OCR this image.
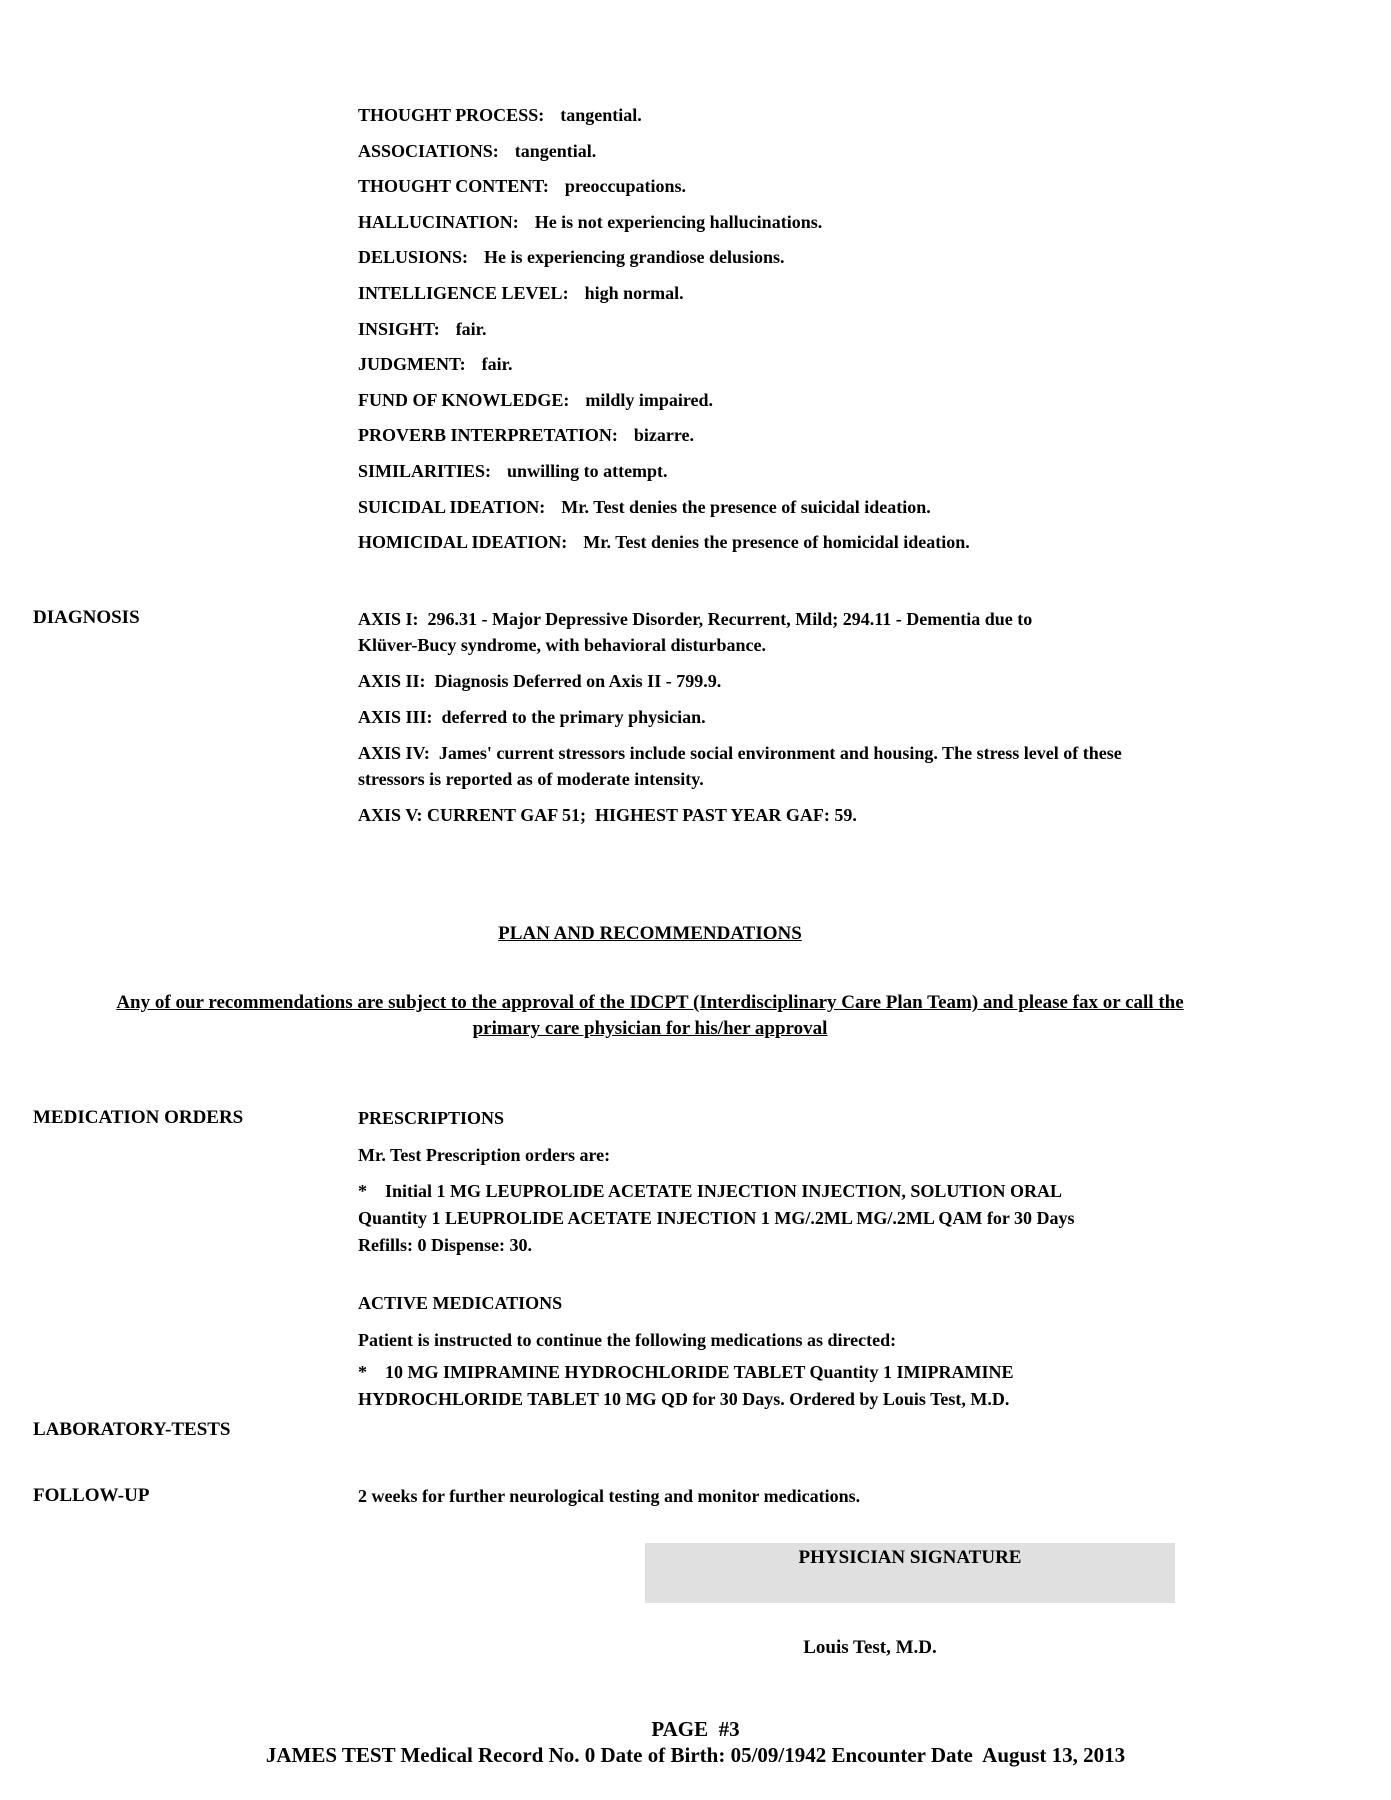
THOUGHT PROCESS: tangential.
ASSOCIATIONS: tangential.
THOUGHT CONTENT: preoccupations.
HALLUCINATION: He is not experiencing hallucinations.
DELUSIONS: He is experiencing grandiose delusions.
INTELLIGENCE LEVEL: high normal.
INSIGHT: fair.
JUDGMENT: fair.
FUND OF KNOWLEDGE: mildly impaired.
PROVERB INTERPRETATION: bizarre.
SIMILARITIES: unwilling to attempt.
SUICIDAL IDEATION: Mr. Test denies the presence of suicidal ideation.
HOMICIDAL IDEATION: Mr. Test denies the presence of homicidal ideation.
DIAGNOSIS	AXIS I:  296.31 - Major Depressive Disorder, Recurrent, Mild; 294.11 - Dementia due to
Klüver-Bucy syndrome, with behavioral disturbance.
AXIS II:  Diagnosis Deferred on Axis II - 799.9.
AXIS III:  deferred to the primary physician.
AXIS IV:  James' current stressors include social environment and housing. The stress level of these
stressors is reported as of moderate intensity.
AXIS V: CURRENT GAF 51;  HIGHEST PAST YEAR GAF: 59.
PLAN AND RECOMMENDATIONS
Any of our recommendations are subject to the approval of the IDCPT (Interdisciplinary Care Plan Team) and please fax or call the
primary care physician for his/her approval
MEDICATION ORDERS	PRESCRIPTIONS
Mr. Test Prescription orders are:
*    Initial 1 MG LEUPROLIDE ACETATE INJECTION INJECTION, SOLUTION ORAL
Quantity 1 LEUPROLIDE ACETATE INJECTION 1 MG/.2ML MG/.2ML QAM for 30 Days
Refills: 0 Dispense: 30.
ACTIVE MEDICATIONS
Patient is instructed to continue the following medications as directed:
*    10 MG IMIPRAMINE HYDROCHLORIDE TABLET Quantity 1 IMIPRAMINE
HYDROCHLORIDE TABLET 10 MG QD for 30 Days. Ordered by Louis Test, M.D.
LABORATORY-TESTS
FOLLOW-UP	2 weeks for further neurological testing and monitor medications.
PHYSICIAN SIGNATURE
Louis Test, M.D.
PAGE  #3
JAMES TEST Medical Record No. 0 Date of Birth: 05/09/1942 Encounter Date  August 13, 2013
